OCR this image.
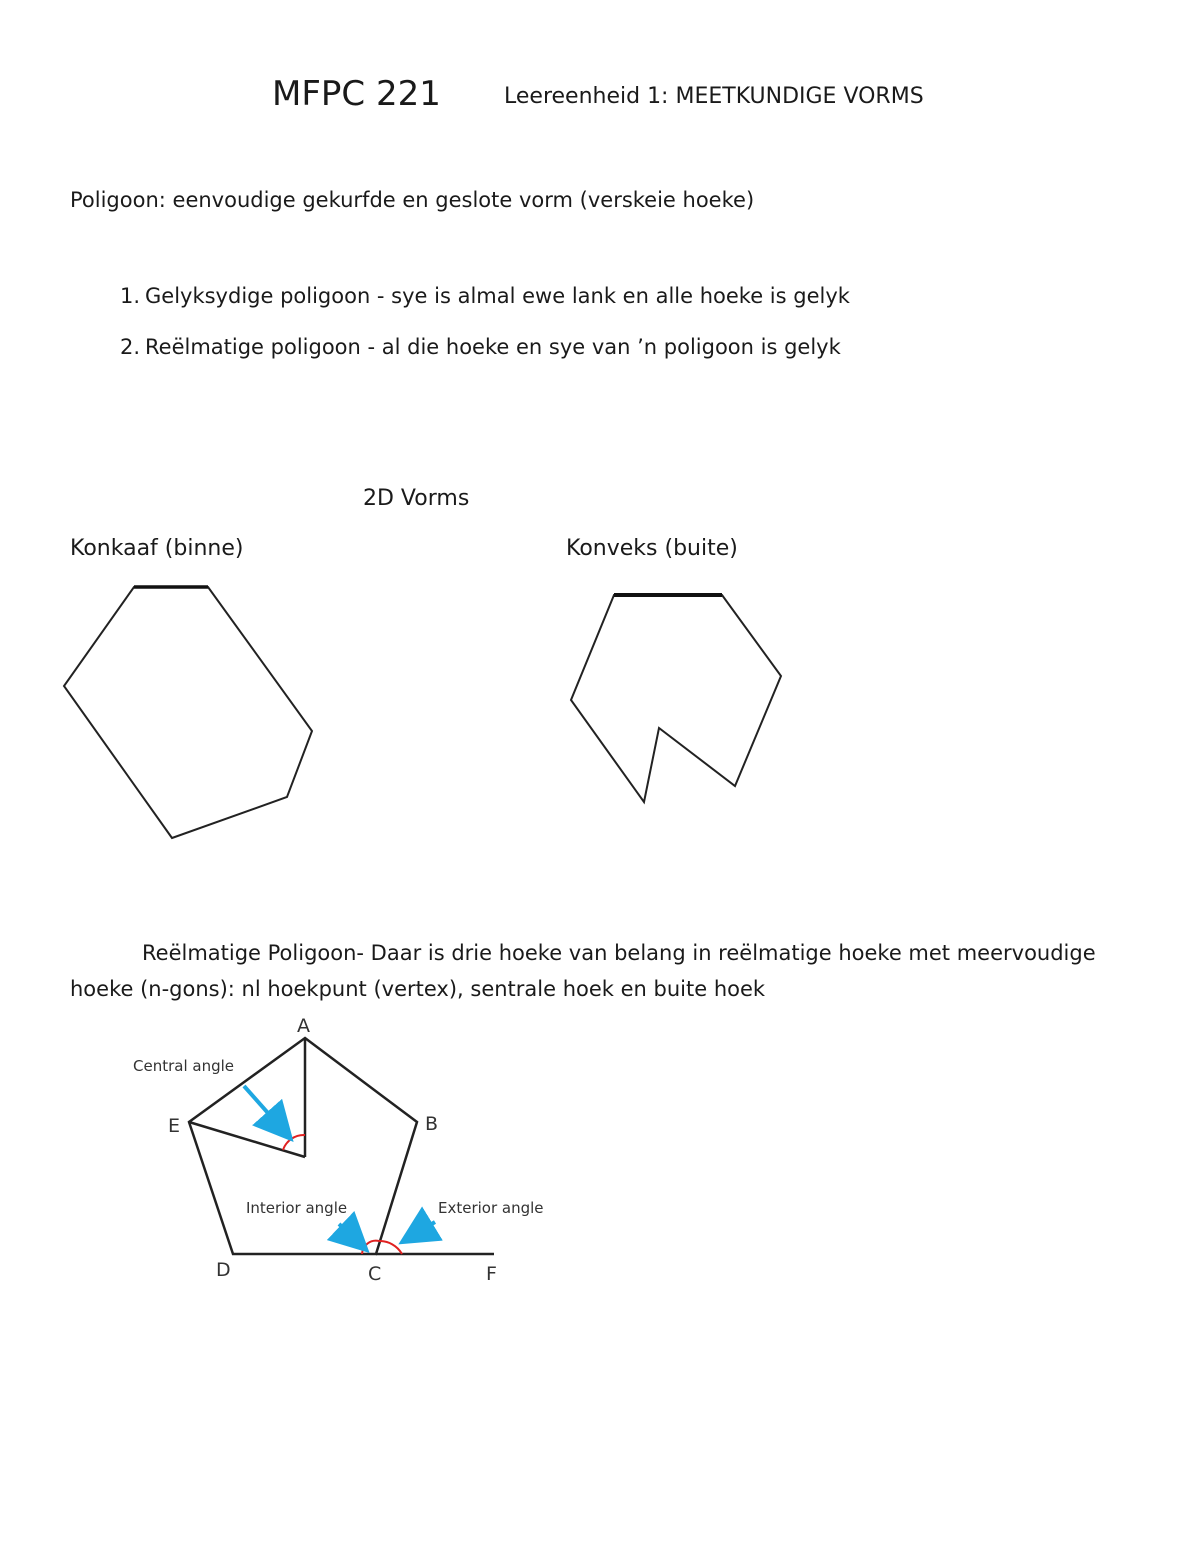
MFPC 221	Leereenheid 1: MEETKUNDIGE VORMS
Poligoon: eenvoudige gekurfde en geslote vorm (verskeie hoeke)
1. Gelyksydige poligoon - sye is almal ewe lank en alle hoeke is gelyk
2. Reëlmatige poligoon - al die hoeke en sye van ’n poligoon is gelyk
2D Vorms
Konkaaf (binne)	Konveks (buite)
Reëlmatige Poligoon- Daar is drie hoeke van belang in reëlmatige hoeke met meervoudige hoeke (n-gons): nl hoekpunt (vertex), sentrale hoek en buite hoek
A
B
C
D
E
F
Central angle
Interior angle	Exterior angle
